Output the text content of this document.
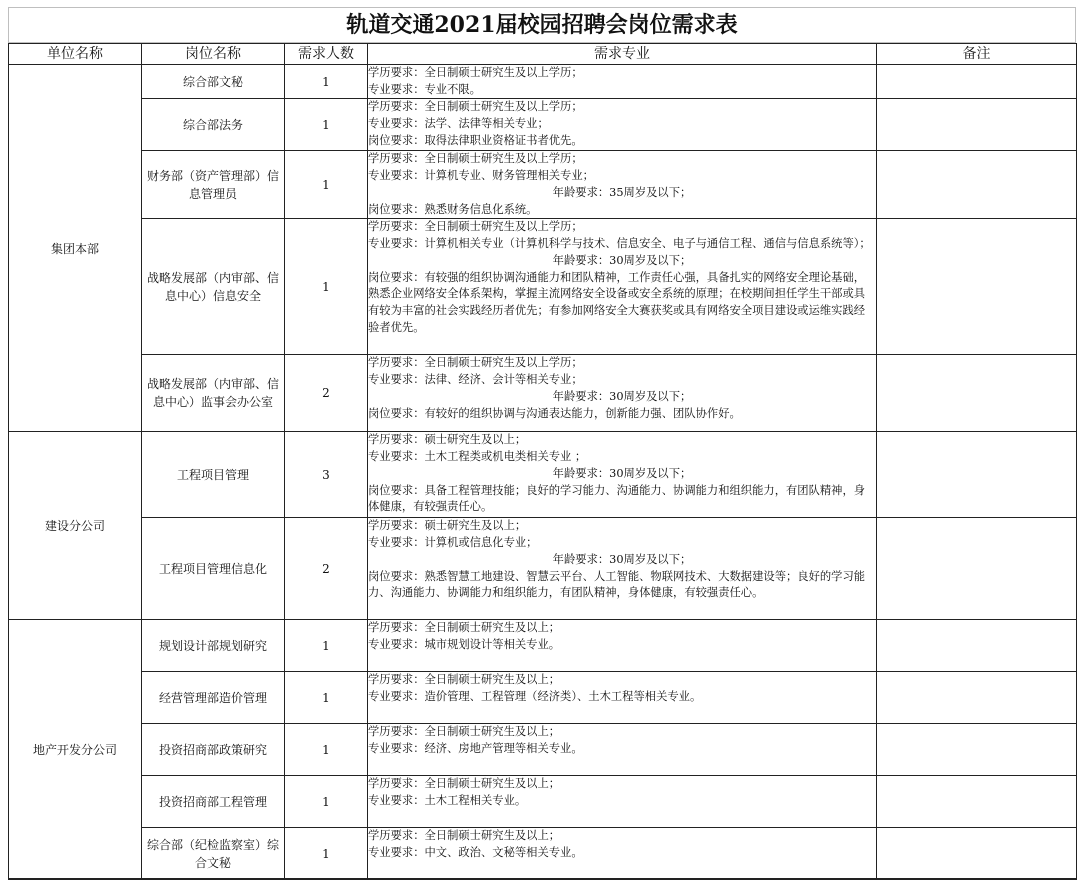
轨道交通2021届校园招聘会岗位需求表
单位名称	岗位名称	需求人数	需求专业	备注
集团本部	综合部文秘	1	学历要求：全日制硕士研究生及以上学历；
专业要求：专业不限。	

	综合部法务	1	学历要求：全日制硕士研究生及以上学历；
专业要求：法学、法律等相关专业；
岗位要求：取得法律职业资格证书者优先。	

	财务部（资产管理部）信息管理员	1	学历要求：全日制硕士研究生及以上学历；
专业要求：计算机专业、财务管理相关专业；
年龄要求：35周岁及以下；
岗位要求：熟悉财务信息化系统。	

	战略发展部（内审部、信息中心）信息安全	1	学历要求：全日制硕士研究生及以上学历；
专业要求：计算机相关专业（计算机科学与技术、信息安全、电子与通信工程、通信与信息系统等）；
年龄要求：30周岁及以下；
岗位要求：有较强的组织协调沟通能力和团队精神，工作责任心强，具备扎实的网络安全理论基础，熟悉企业网络安全体系架构，掌握主流网络安全设备或安全系统的原理；在校期间担任学生干部或具有较为丰富的社会实践经历者优先；有参加网络安全大赛获奖或具有网络安全项目建设或运维实践经验者优先。	

	战略发展部（内审部、信息中心）监事会办公室	2	学历要求：全日制硕士研究生及以上学历；
专业要求：法律、经济、会计等相关专业；
年龄要求：30周岁及以下；
岗位要求：有较好的组织协调与沟通表达能力，创新能力强、团队协作好。	

建设分公司	工程项目管理	3	学历要求：硕士研究生及以上；
专业要求：土木工程类或机电类相关专业 ；
年龄要求：30周岁及以下；
岗位要求：具备工程管理技能；良好的学习能力、沟通能力、协调能力和组织能力，有团队精神，身体健康，有较强责任心。	

	工程项目管理信息化	2	学历要求：硕士研究生及以上；
专业要求：计算机或信息化专业；
年龄要求：30周岁及以下；
岗位要求：熟悉智慧工地建设、智慧云平台、人工智能、物联网技术、大数据建设等；良好的学习能力、沟通能力、协调能力和组织能力，有团队精神，身体健康，有较强责任心。	

地产开发分公司	规划设计部规划研究	1	学历要求：全日制硕士研究生及以上；
专业要求：城市规划设计等相关专业。	

	经营管理部造价管理	1	学历要求：全日制硕士研究生及以上；
专业要求：造价管理、工程管理（经济类）、土木工程等相关专业。	

	投资招商部政策研究	1	学历要求：全日制硕士研究生及以上；
专业要求：经济、房地产管理等相关专业。	

	投资招商部工程管理	1	学历要求：全日制硕士研究生及以上；
专业要求：土木工程相关专业。	

	综合部（纪检监察室）综合文秘	1	学历要求：全日制硕士研究生及以上；
专业要求：中文、政治、文秘等相关专业。	
